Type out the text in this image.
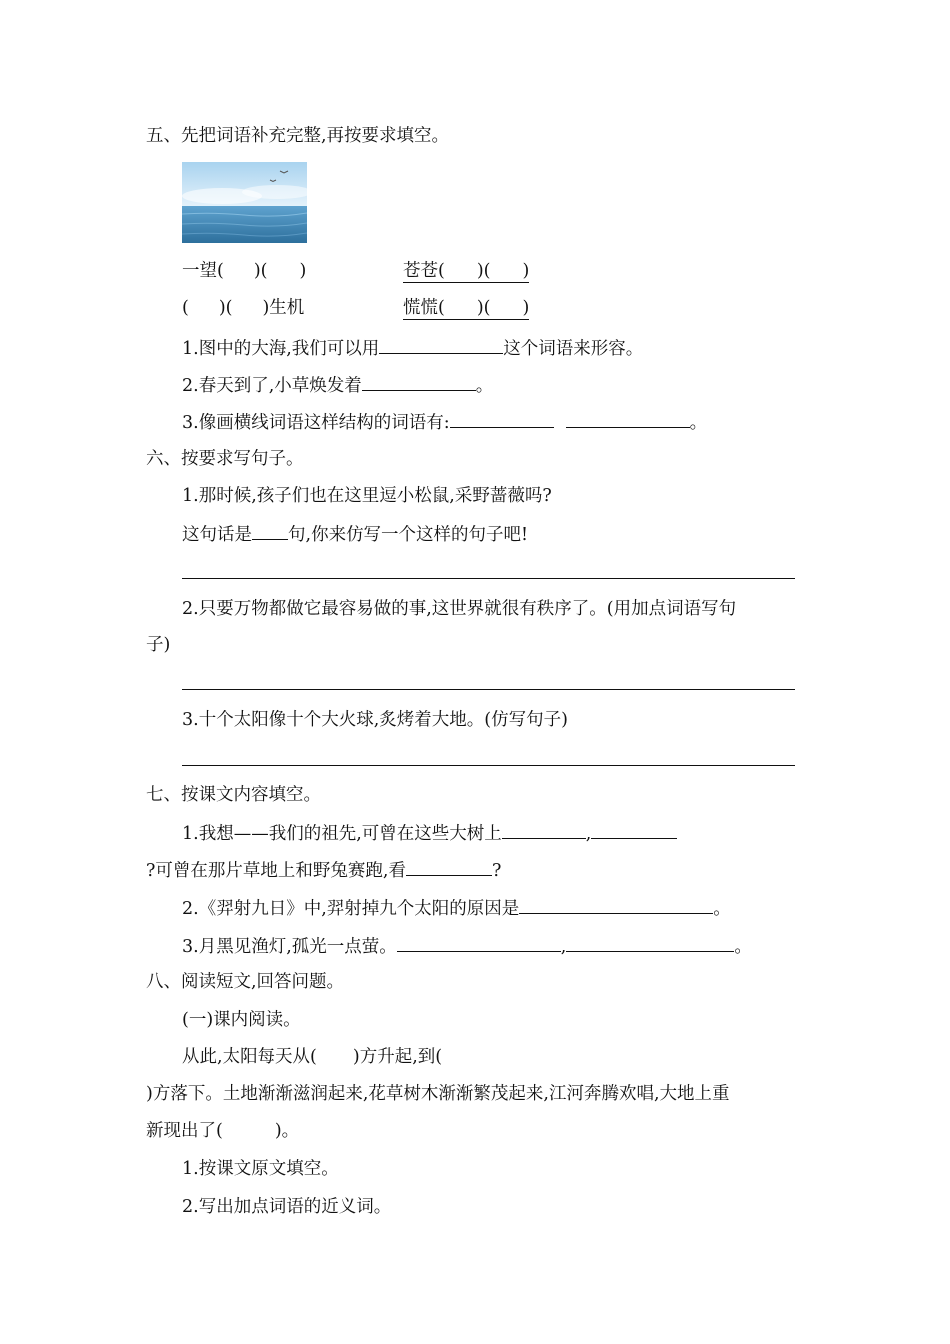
五、先把词语补充完整,再按要求填空。
一望( )( )	苍苍( )( )
( )( )生机	慌慌( )( )
1.图中的大海,我们可以用	这个词语来形容。
2.春天到了,小草焕发着	。
3.像画横线词语这样结构的词语有:	。
六、按要求写句子。
1.那时候,孩子们也在这里逗小松鼠,采野蔷薇吗?
这句话是 句,你来仿写一个这样的句子吧!
2.只要万物都做它最容易做的事,这世界就很有秩序了。(用加点词语写句
子)
3.十个太阳像十个大火球,炙烤着大地。(仿写句子)
七、按课文内容填空。
1.我想——我们的祖先,可曾在这些大树上	,
?可曾在那片草地上和野兔赛跑,看	?
2.《羿射九日》中,羿射掉九个太阳的原因是	。
3.月黑见渔灯,孤光一点萤。	,	。
八、阅读短文,回答问题。
(一)课内阅读。
从此,太阳每天从( )方升起,到(
)方落下。土地渐渐滋润起来,花草树木渐渐繁茂起来,江河奔腾欢唱,大地上重
新现出了(	)。
1.按课文原文填空。
2.写出加点词语的近义词。
